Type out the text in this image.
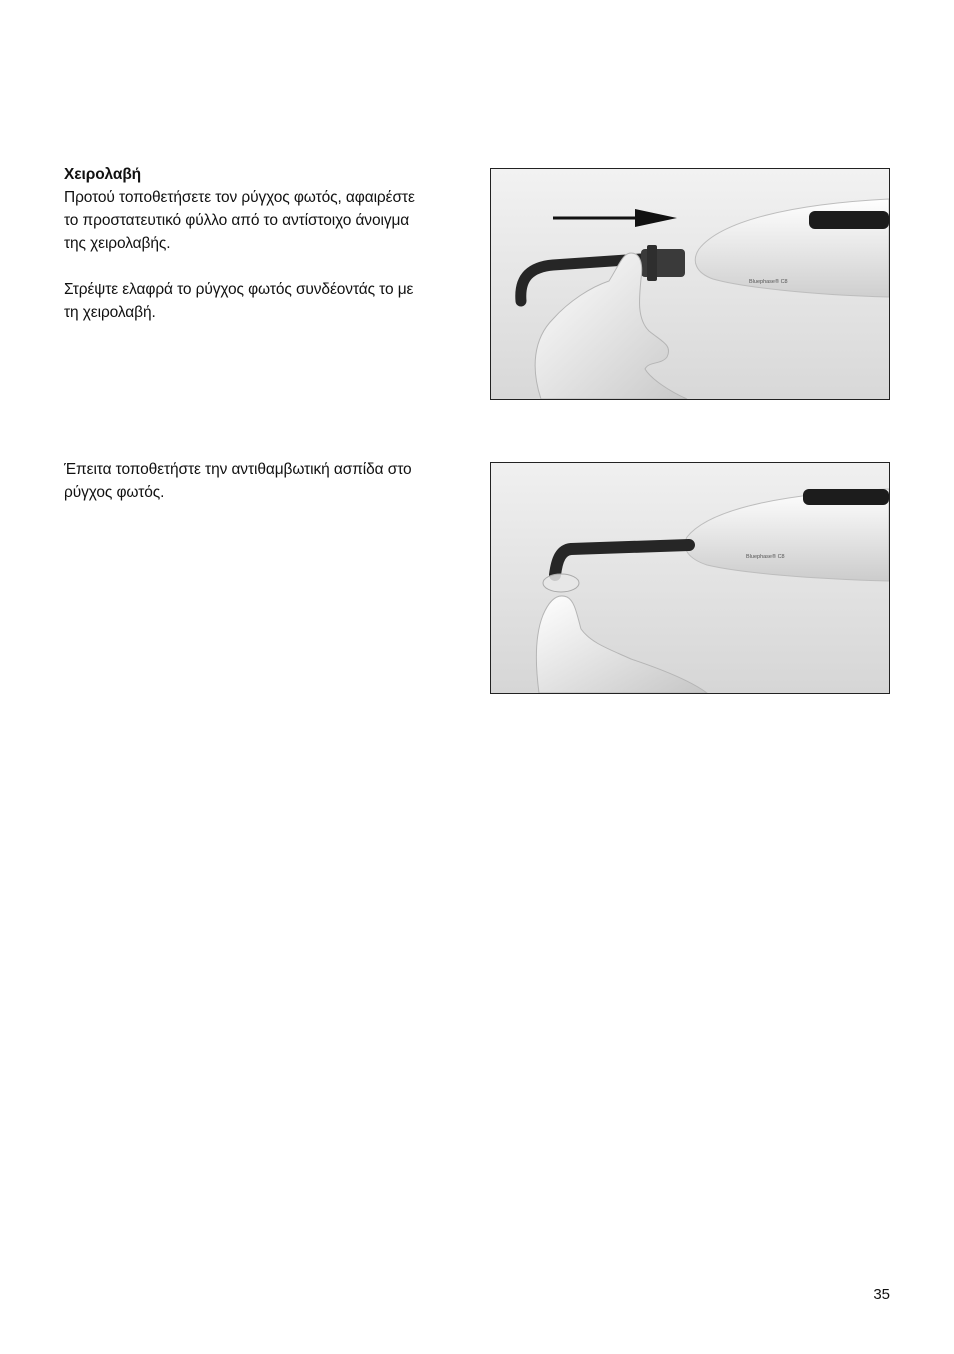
Χειρολαβή

Προτού τοποθετήσετε τον ρύγχος φωτός, αφαιρέστε

το προστατευτικό φύλλο από το αντίστοιχο άνοιγμα

της χειρολαβής.

Στρέψτε ελαφρά το ρύγχος φωτός συνδέοντάς το με

τη χειρολαβή.

Bluephase® C8

Έπειτα τοποθετήστε την αντιθαμβωτική ασπίδα στο

ρύγχος φωτός.

Bluephase® C8
35
